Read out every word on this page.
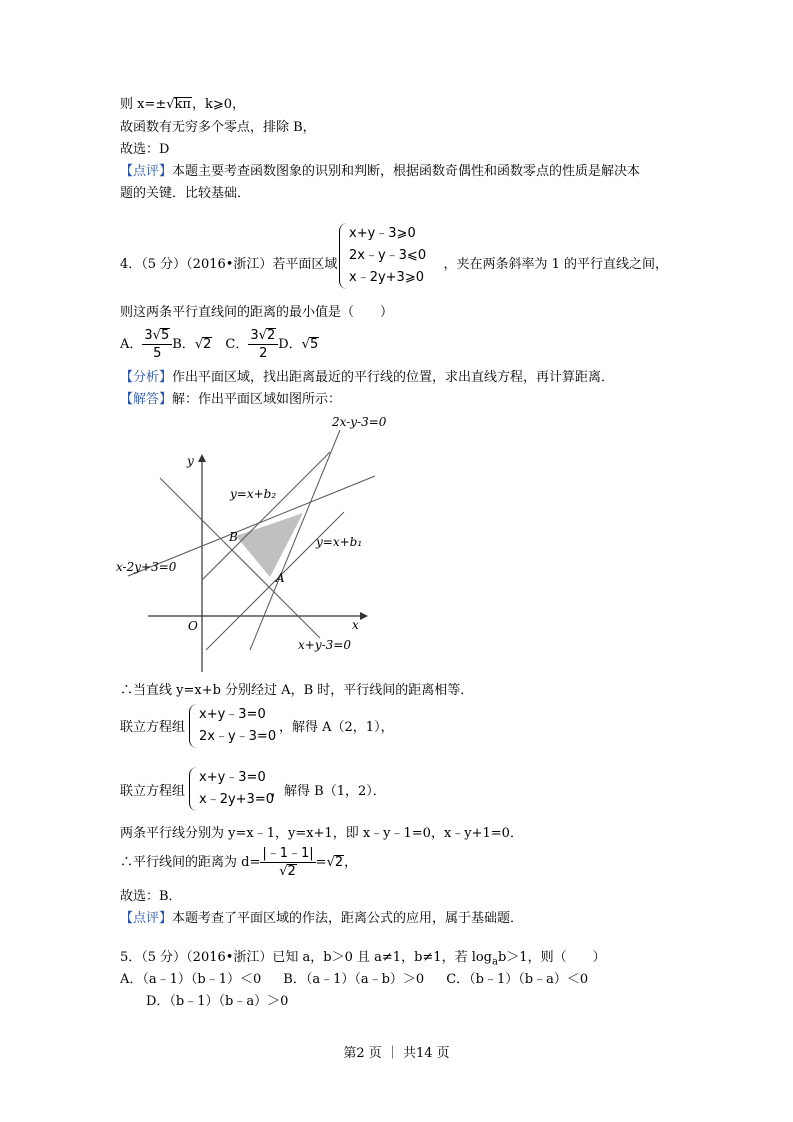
则 x=±√kπ，k⩾0，
故函数有无穷多个零点，排除 B，
故选：D
【点评】本题主要考查函数图象的识别和判断，根据函数奇偶性和函数零点的性质是解决本
题的关键．比较基础．
4．（5 分）（2016•浙江）若平面区域	，夹在两条斜率为 1 的平行直线之间，
x+y﹣3⩾0
2x﹣y﹣3⩽0
x﹣2y+3⩾0
则这两条平行直线间的距离的最小值是（　　）
A． $\frac{3√5}{5}$ B．√2　 C． $\frac{3√2}{2}$ D．√5
【分析】作出平面区域，找出距离最近的平行线的位置，求出直线方程，再计算距离．
【解答】解：作出平面区域如图所示：
2x-y-3=0
y
y=x+b₂
B	y=x+b₁
x-2y+3=0
A
O	x
x+y-3=0
∴当直线 y=x+b 分别经过 A，B 时，平行线间的距离相等．
联立方程组	，解得 A（2，1），
x+y﹣3=0
2x﹣y﹣3=0
联立方程组	，解得 B（1，2）．
x+y﹣3=0
x﹣2y+3=0
两条平行线分别为 y=x﹣1，y=x+1，即 x﹣y﹣1=0，x﹣y+1=0．
∴平行线间的距离为 $d= \frac{|﹣1﹣1|}{√2} =√2$，
故选：B．
【点评】本题考查了平面区域的作法，距离公式的应用，属于基础题．
5．（5 分）（2016•浙江）已知 a，b＞0 且 a≠1，b≠1，若 $\log_ab>1$，则（　　）
A．（a﹣1）（b﹣1）＜0 B．（a﹣1）（a﹣b）＞0 C．（b﹣1）（b﹣a）＜0
D．（b﹣1）（b﹣a）＞0
第2 页 ｜ 共14 页
